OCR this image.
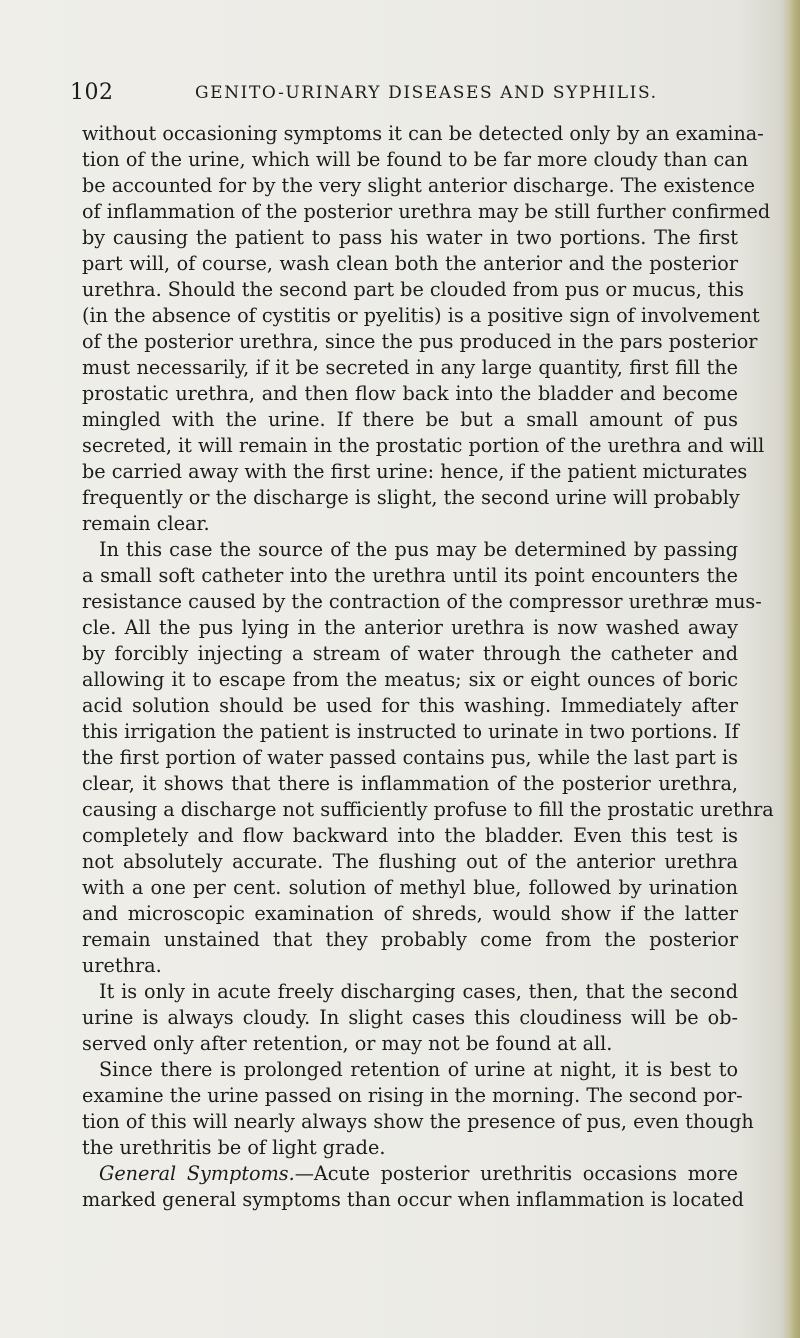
102	GENITO-URINARY DISEASES AND SYPHILIS.
without occasioning symptoms it can be detected only by an examina-
tion of the urine, which will be found to be far more cloudy than can
be accounted for by the very slight anterior discharge. The existence
of inflammation of the posterior urethra may be still further confirmed
by causing the patient to pass his water in two portions. The first
part will, of course, wash clean both the anterior and the posterior
urethra. Should the second part be clouded from pus or mucus, this
(in the absence of cystitis or pyelitis) is a positive sign of involvement
of the posterior urethra, since the pus produced in the pars posterior
must necessarily, if it be secreted in any large quantity, first fill the
prostatic urethra, and then flow back into the bladder and become
mingled with the urine. If there be but a small amount of pus
secreted, it will remain in the prostatic portion of the urethra and will
be carried away with the first urine: hence, if the patient micturates
frequently or the discharge is slight, the second urine will probably
remain clear.
In this case the source of the pus may be determined by passing
a small soft catheter into the urethra until its point encounters the
resistance caused by the contraction of the compressor urethræ mus-
cle. All the pus lying in the anterior urethra is now washed away
by forcibly injecting a stream of water through the catheter and
allowing it to escape from the meatus; six or eight ounces of boric
acid solution should be used for this washing. Immediately after
this irrigation the patient is instructed to urinate in two portions. If
the first portion of water passed contains pus, while the last part is
clear, it shows that there is inflammation of the posterior urethra,
causing a discharge not sufficiently profuse to fill the prostatic urethra
completely and flow backward into the bladder. Even this test is
not absolutely accurate. The flushing out of the anterior urethra
with a one per cent. solution of methyl blue, followed by urination
and microscopic examination of shreds, would show if the latter
remain unstained that they probably come from the posterior
urethra.
It is only in acute freely discharging cases, then, that the second
urine is always cloudy. In slight cases this cloudiness will be ob-
served only after retention, or may not be found at all.
Since there is prolonged retention of urine at night, it is best to
examine the urine passed on rising in the morning. The second por-
tion of this will nearly always show the presence of pus, even though
the urethritis be of light grade.
General Symptoms.—Acute posterior urethritis occasions more
marked general symptoms than occur when inflammation is located
